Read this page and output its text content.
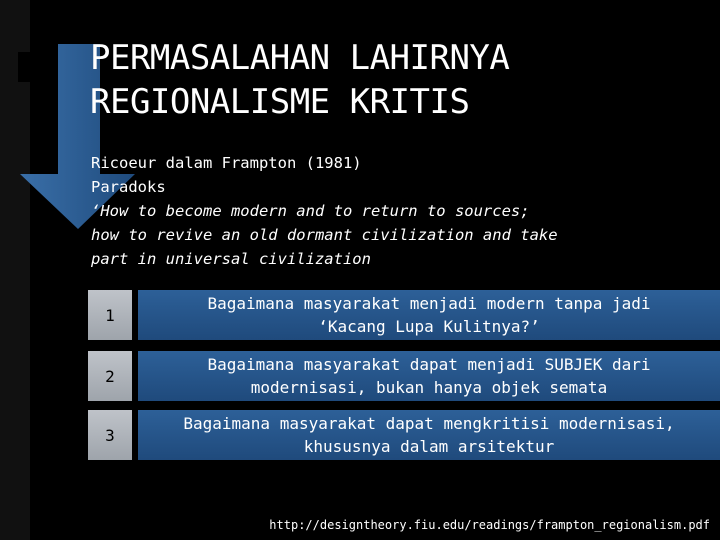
PERMASALAHAN LAHIRNYA
REGIONALISME KRITIS
Ricoeur dalam Frampton (1981)
Paradoks
‘How to become modern and to return to sources;
how to revive an old dormant civilization and take
part in universal civilization
1
Bagaimana masyarakat menjadi modern tanpa jadi
‘Kacang Lupa Kulitnya?’
2
Bagaimana masyarakat dapat menjadi SUBJEK dari
modernisasi, bukan hanya objek semata
3
Bagaimana masyarakat dapat mengkritisi modernisasi,
khususnya dalam arsitektur
http://designtheory.fiu.edu/readings/frampton_regionalism.pdf
